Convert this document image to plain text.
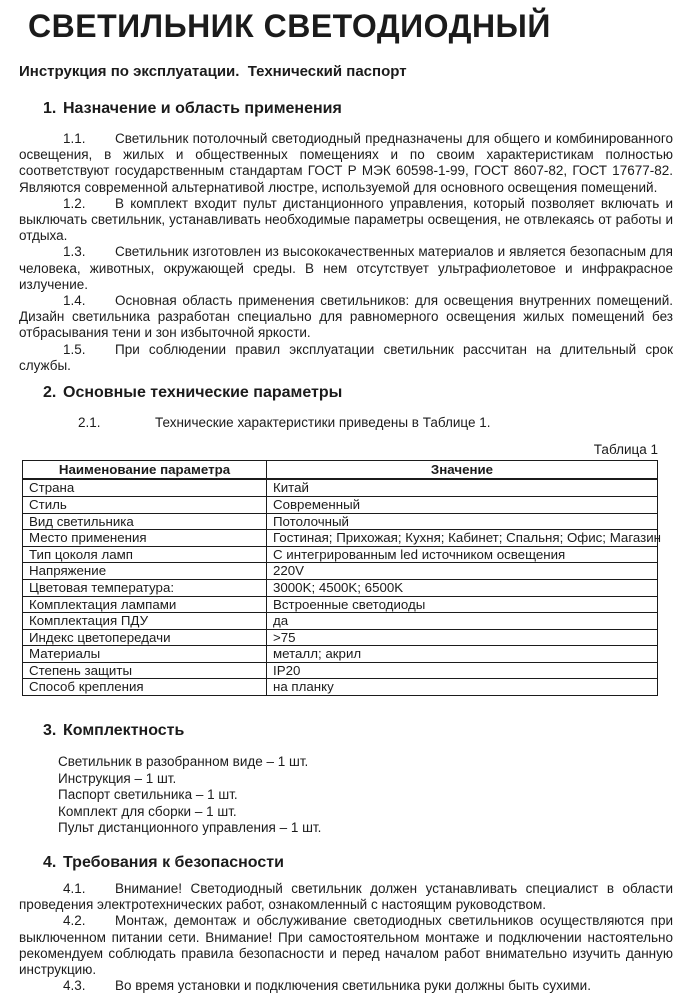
СВЕТИЛЬНИК СВЕТОДИОДНЫЙ
Инструкция по эксплуатации.  Технический паспорт
1. Назначение и область применения

1.1. Светильник потолочный светодиодный предназначены для общего и комбинированного освещения, в жилых и общественных помещениях и по своим характеристикам полностью соответствуют государственным стандартам ГОСТ Р МЭК 60598-1-99, ГОСТ 8607-82, ГОСТ 17677-82. Являются современной альтернативой люстре, используемой для основного освещения помещений.

1.2. В комплект входит пульт дистанционного управления, который позволяет включать и выключать светильник, устанавливать необходимые параметры освещения, не отвлекаясь от работы и отдыха.

1.3. Светильник изготовлен из высококачественных материалов и является безопасным для человека, животных, окружающей среды. В нем отсутствует ультрафиолетовое и инфракрасное излучение.

1.4. Основная область применения светильников: для освещения внутренних помещений. Дизайн светильника разработан специально для равномерного освещения жилых помещений без отбрасывания тени и зон избыточной яркости.

1.5. При соблюдении правил эксплуатации светильник рассчитан на длительный срок службы.

2. Основные технические параметры

2.1.	Технические характеристики приведены в Таблице 1.

Таблица 1
Наименование параметра	Значение
Страна	Китай
Стиль	Современный
Вид светильника	Потолочный
Место применения	Гостиная; Прихожая; Кухня; Кабинет; Спальня; Офис; Магазин
Тип цоколя ламп	С интегрированным led источником освещения
Напряжение	220V
Цветовая температура:	3000K; 4500K; 6500K
Комплектация лампами	Встроенные светодиоды
Комплектация ПДУ	да
Индекс цветопередачи	>75
Материалы	металл; акрил
Степень защиты	IP20
Способ крепления	на планку
3. Комплектность
Светильник в разобранном виде – 1 шт.
Инструкция – 1 шт.
Паспорт светильника – 1 шт.
Комплект для сборки – 1 шт.
Пульт дистанционного управления – 1 шт.
4. Требования к безопасности

4.1. Внимание! Светодиодный светильник должен устанавливать специалист в области проведения электротехнических работ, ознакомленный с настоящим руководством.

4.2. Монтаж, демонтаж и обслуживание светодиодных светильников осуществляются при выключенном питании сети. Внимание! При самостоятельном монтаже и подключении настоятельно рекомендуем соблюдать правила безопасности и перед началом работ внимательно изучить данную инструкцию.

4.3. Во время установки и подключения светильника руки должны быть сухими.
